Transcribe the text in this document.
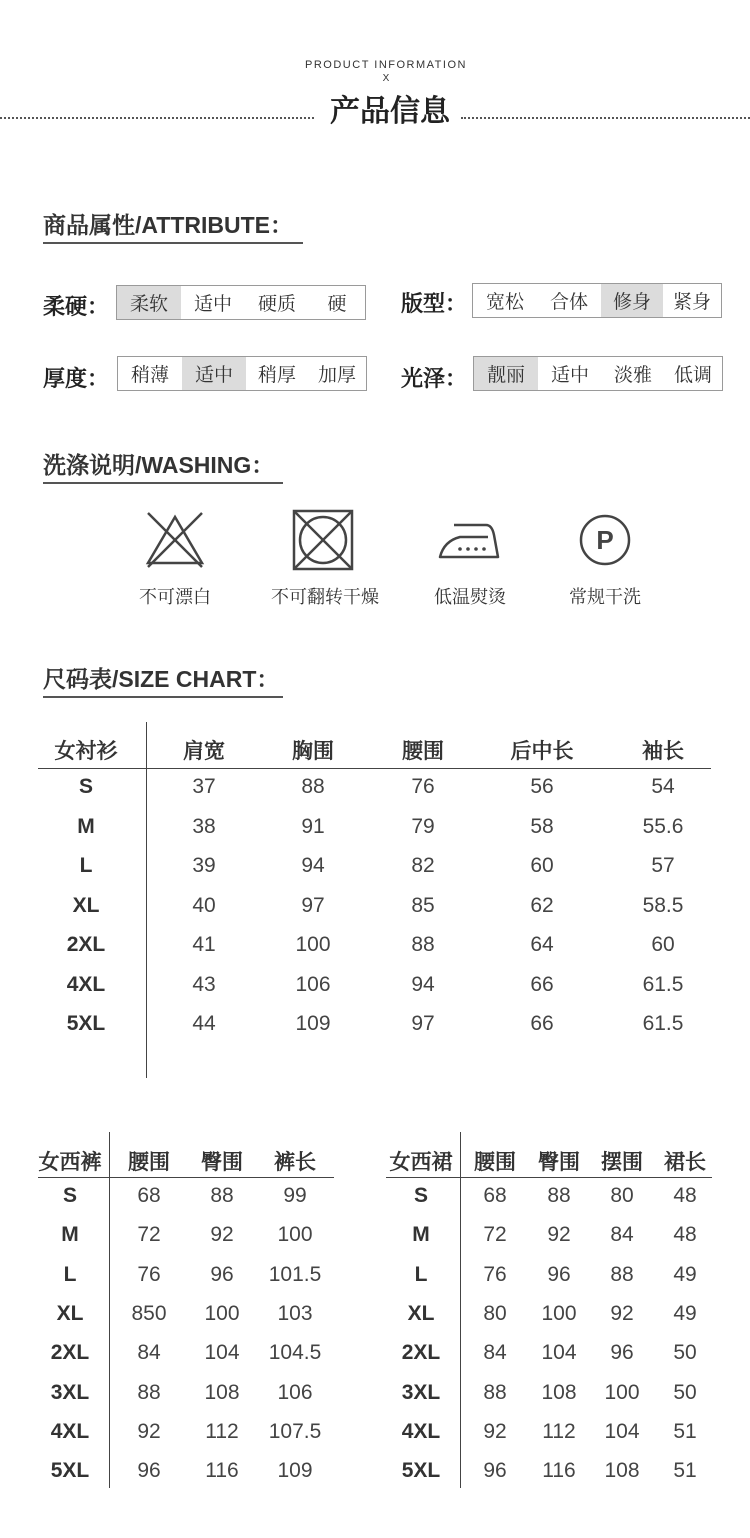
PRODUCT INFORMATION
X
产品信息
商品属性/ATTRIBUTE：
柔硬：	柔软	适中	硬质	硬	版型： 宽松	合体	修身	紧身
厚度：	稍薄	适中	稍厚	加厚	光泽：	靓丽	适中	淡雅	低调
洗涤说明/WASHING：
不可漂白	不可翻转干燥	低温熨烫
P
常规干洗
尺码表/SIZE CHART：
女衬衫	肩宽	胸围	腰围	后中长	袖长
S	37	88	76	56	54
M	38	91	79	58	55.6
L	39	94	82	60	57
XL	40	97	85	62	58.5
2XL	41	100	88	64	60
4XL	43	106	94	66	61.5
5XL	44	109	97	66	61.5
女西裤	腰围	臀围	裤长
S	68	88	99
M	72	92	100
L	76	96	101.5
XL	850	100	103
2XL	84	104	104.5
3XL	88	108	106
4XL	92	112	107.5
5XL	96	116	109
女西裙	腰围	臀围	摆围	裙长
S	68	88	80	48
M	72	92	84	48
L	76	96	88	49
XL	80	100	92	49
2XL	84	104	96	50
3XL	88	108	100	50
4XL	92	112	104	51
5XL	96	116	108	51
